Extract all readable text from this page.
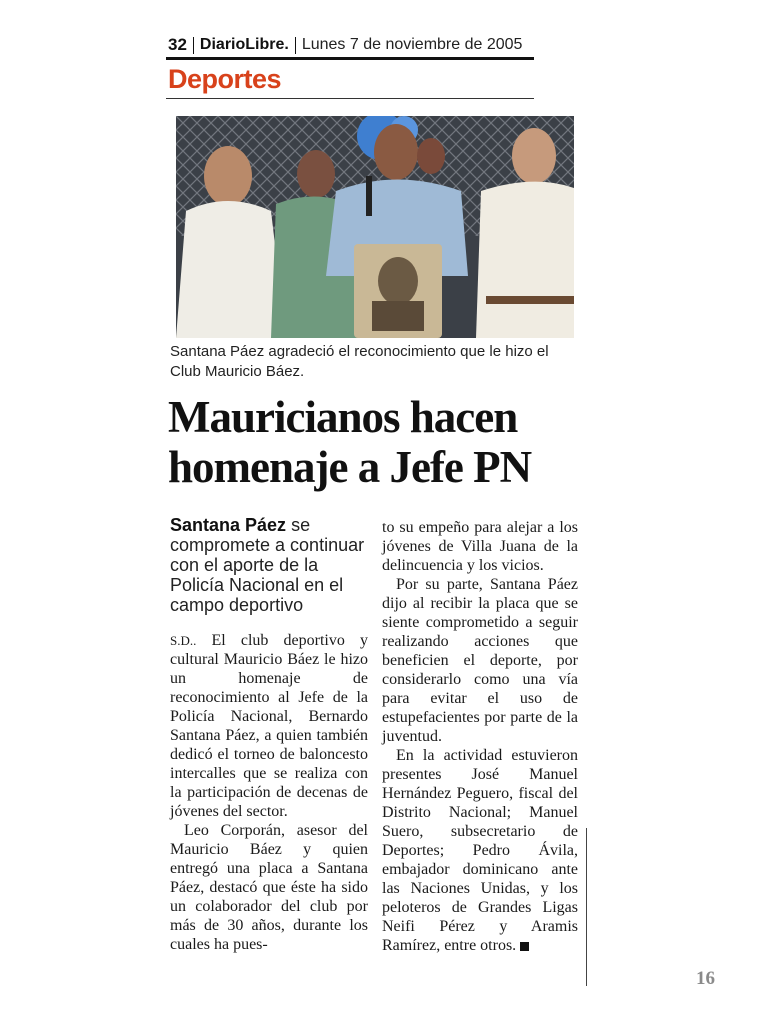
32 DiarioLibre. Lunes 7 de noviembre de 2005
Deportes
Santana Páez agradeció el reconocimiento que le hizo el Club Mauricio Báez.
Mauricianos hacen
homenaje a Jefe PN
Santana Páez se compromete a continuar con el aporte de la Policía Nacional en el campo deportivo

S.D.. El club deportivo y cultural Mauricio Báez le hizo un homenaje de reconocimiento al Jefe de la Policía Nacional, Bernardo Santana Páez, a quien también dedicó el torneo de baloncesto intercalles que se realiza con la participación de decenas de jóvenes del sector.

Leo Corporán, asesor del Mauricio Báez y quien entregó una placa a Santana Páez, destacó que éste ha sido un colaborador del club por más de 30 años, durante los cuales ha pues-

to su empeño para alejar a los jóvenes de Villa Juana de la delincuencia y los vicios.

Por su parte, Santana Páez dijo al recibir la placa que se siente comprometido a seguir realizando acciones que beneficien el deporte, por considerarlo como una vía para evitar el uso de estupefacientes por parte de la juventud.

En la actividad estuvieron presentes José Manuel Hernández Peguero, fiscal del Distrito Nacional; Manuel Suero, subsecretario de Deportes; Pedro Ávila, embajador dominicano ante las Naciones Unidas, y los peloteros de Grandes Ligas Neifi Pérez y Aramis Ramírez, entre otros.

16
